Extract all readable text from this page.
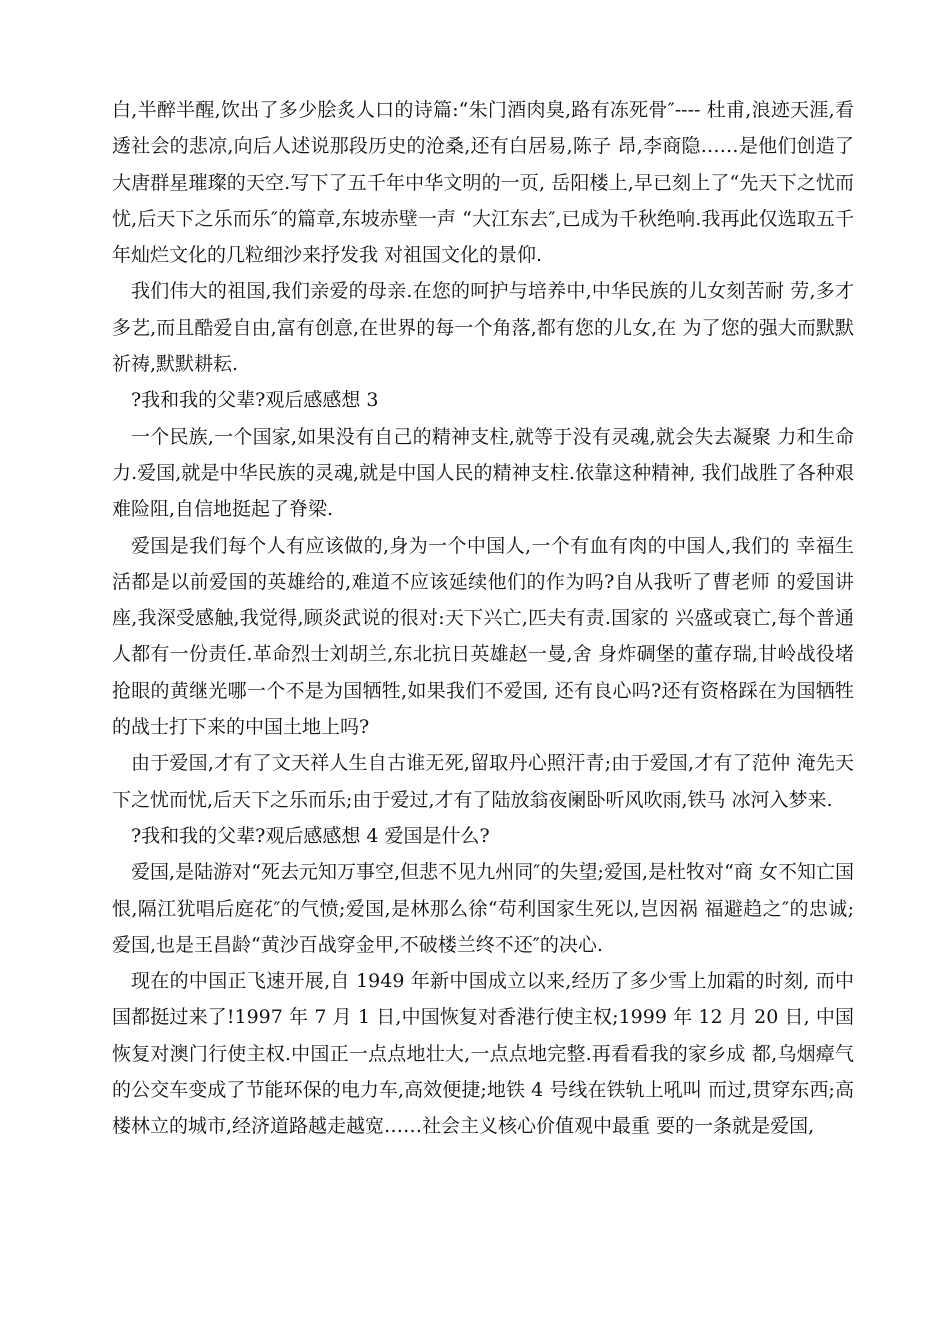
白,半醉半醒,饮出了多少脍炙人口的诗篇:“朱门酒肉臭,路有冻死骨″---- 杜甫,浪迹天涯,看透社会的悲凉,向后人述说那段历史的沧桑,还有白居易,陈子 昂,李商隐……是他们创造了大唐群星璀璨的天空.写下了五千年中华文明的一页, 岳阳楼上,早已刻上了“先天下之忧而忧,后天下之乐而乐″的篇章,东坡赤壁一声 “大江东去″,已成为千秋绝响.我再此仅选取五千年灿烂文化的几粒细沙来抒发我 对祖国文化的景仰.

我们伟大的祖国,我们亲爱的母亲.在您的呵护与培养中,中华民族的儿女刻苦耐 劳,多才多艺,而且酷爱自由,富有创意,在世界的每一个角落,都有您的儿女,在 为了您的强大而默默祈祷,默默耕耘.

?我和我的父辈?观后感感想 3

一个民族,一个国家,如果没有自己的精神支柱,就等于没有灵魂,就会失去凝聚 力和生命力.爱国,就是中华民族的灵魂,就是中国人民的精神支柱.依靠这种精神, 我们战胜了各种艰难险阻,自信地挺起了脊梁.

爱国是我们每个人有应该做的,身为一个中国人,一个有血有肉的中国人,我们的 幸福生活都是以前爱国的英雄给的,难道不应该延续他们的作为吗?自从我听了曹老师 的爱国讲座,我深受感触,我觉得,顾炎武说的很对:天下兴亡,匹夫有责.国家的 兴盛或衰亡,每个普通人都有一份责任.革命烈士刘胡兰,东北抗日英雄赵一曼,舍 身炸碉堡的董存瑞,甘岭战役堵抢眼的黄继光哪一个不是为国牺牲,如果我们不爱国, 还有良心吗?还有资格踩在为国牺牲的战士打下来的中国土地上吗?

由于爱国,才有了文天祥人生自古谁无死,留取丹心照汗青;由于爱国,才有了范仲 淹先天下之忧而忧,后天下之乐而乐;由于爱过,才有了陆放翁夜阑卧听风吹雨,铁马 冰河入梦来.

?我和我的父辈?观后感感想 4 爱国是什么?

爱国,是陆游对“死去元知万事空,但悲不见九州同″的失望;爱国,是杜牧对“商 女不知亡国恨,隔江犹唱后庭花″的气愤;爱国,是林那么徐“苟利国家生死以,岂因祸 福避趋之″的忠诚;爱国,也是王昌龄“黄沙百战穿金甲,不破楼兰终不还″的决心.

现在的中国正飞速开展,自 1949 年新中国成立以来,经历了多少雪上加霜的时刻, 而中国都挺过来了!1997 年 7 月 1 日,中国恢复对香港行使主权;1999 年 12 月 20 日, 中国恢复对澳门行使主权.中国正一点点地壮大,一点点地完整.再看看我的家乡成 都,乌烟瘴气的公交车变成了节能环保的电力车,高效便捷;地铁 4 号线在铁轨上吼叫 而过,贯穿东西;高楼林立的城市,经济道路越走越宽……社会主义核心价值观中最重 要的一条就是爱国,
